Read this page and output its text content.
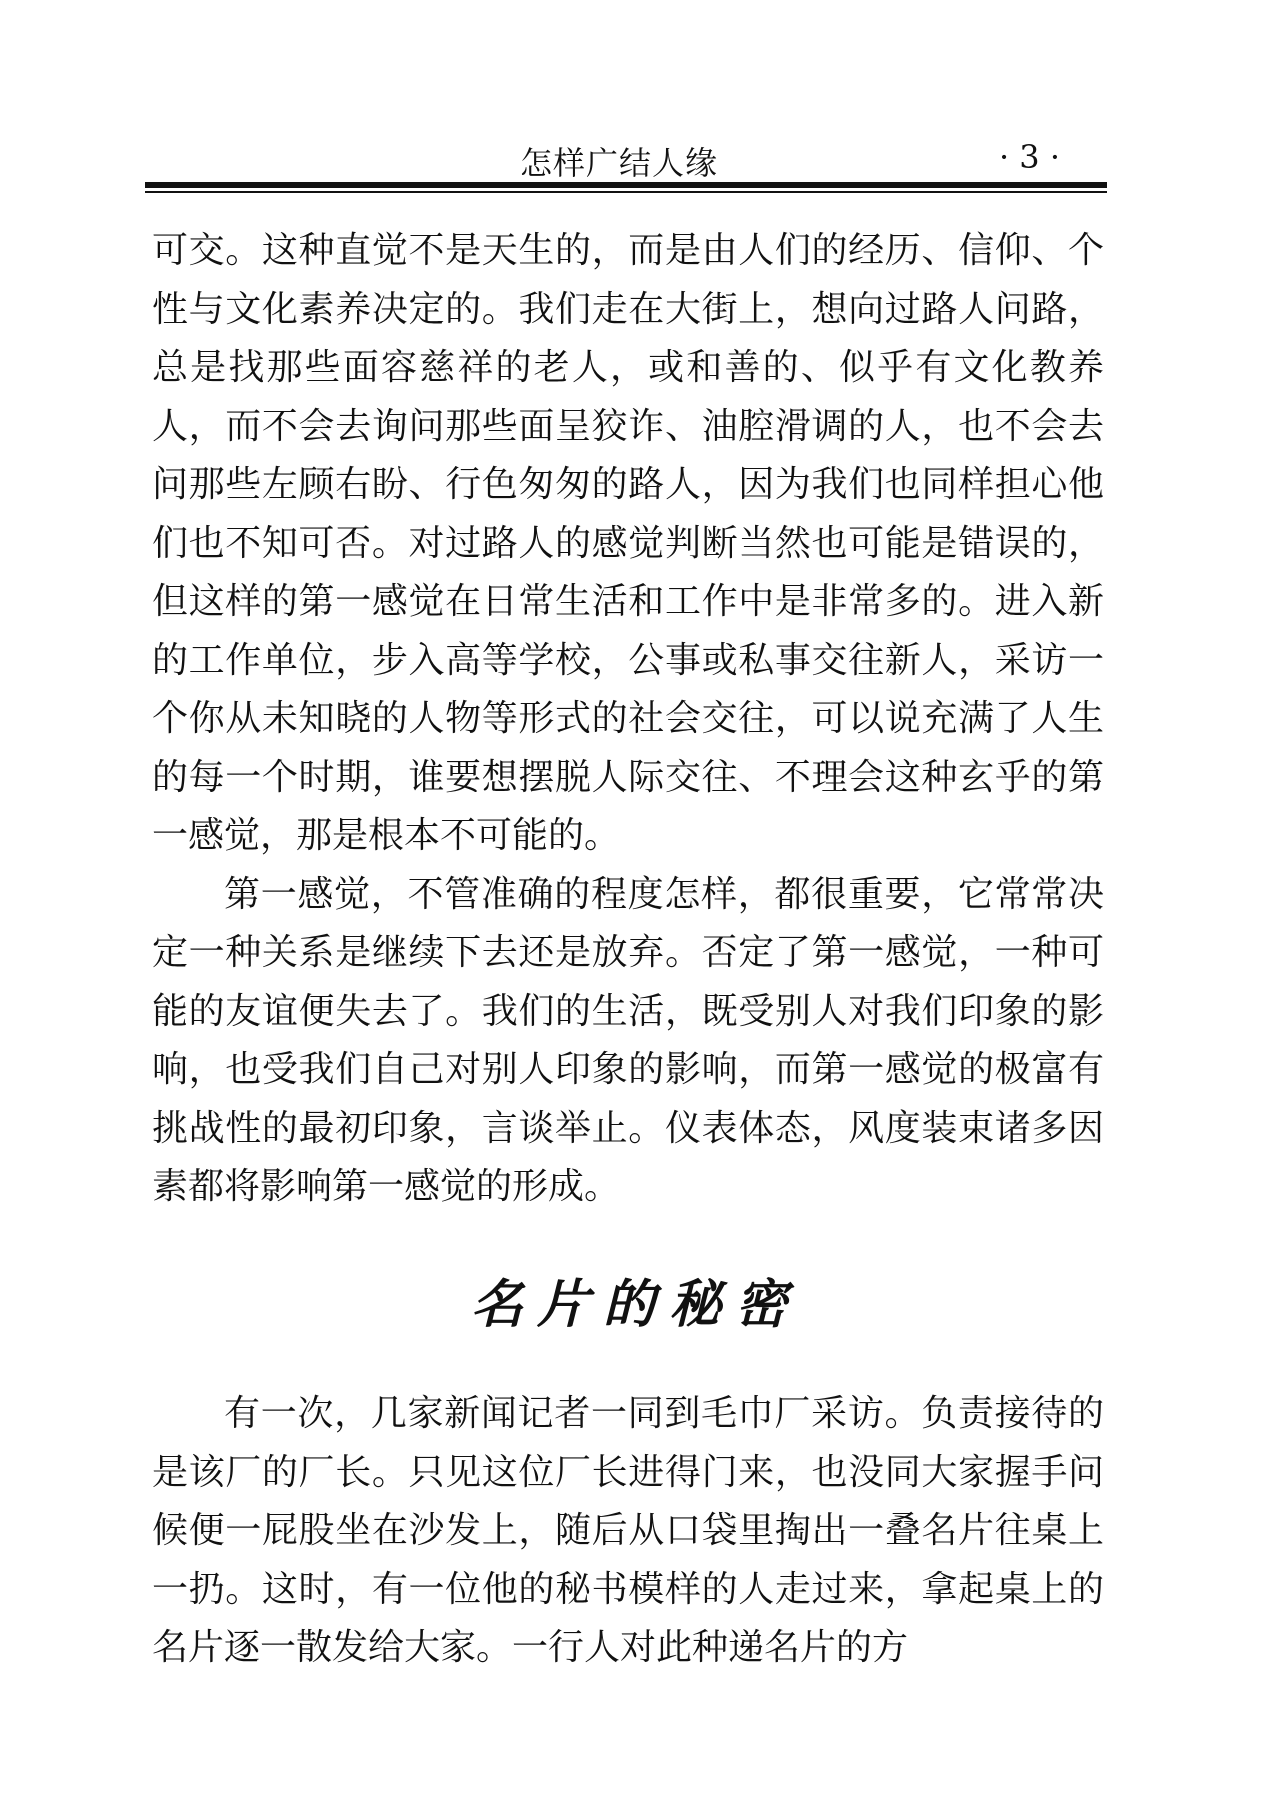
怎样广结人缘	· 3 ·

可交。这种直觉不是天生的，而是由人们的经历、信仰、个性与文化素养决定的。我们走在大街上，想向过路人问路，总是找那些面容慈祥的老人，或和善的、似乎有文化教养人，而不会去询问那些面呈狡诈、油腔滑调的人，也不会去问那些左顾右盼、行色匆匆的路人，因为我们也同样担心他们也不知可否。对过路人的感觉判断当然也可能是错误的，但这样的第一感觉在日常生活和工作中是非常多的。进入新的工作单位，步入高等学校，公事或私事交往新人，采访一个你从未知晓的人物等形式的社会交往，可以说充满了人生的每一个时期，谁要想摆脱人际交往、不理会这种玄乎的第一感觉，那是根本不可能的。

第一感觉，不管准确的程度怎样，都很重要，它常常决定一种关系是继续下去还是放弃。否定了第一感觉，一种可能的友谊便失去了。我们的生活，既受别人对我们印象的影响，也受我们自己对别人印象的影响，而第一感觉的极富有挑战性的最初印象，言谈举止。仪表体态，风度装束诸多因素都将影响第一感觉的形成。

名片的秘密

有一次，几家新闻记者一同到毛巾厂采访。负责接待的是该厂的厂长。只见这位厂长进得门来，也没同大家握手问候便一屁股坐在沙发上，随后从口袋里掏出一叠名片往桌上一扔。这时，有一位他的秘书模样的人走过来，拿起桌上的名片逐一散发给大家。一行人对此种递名片的方
